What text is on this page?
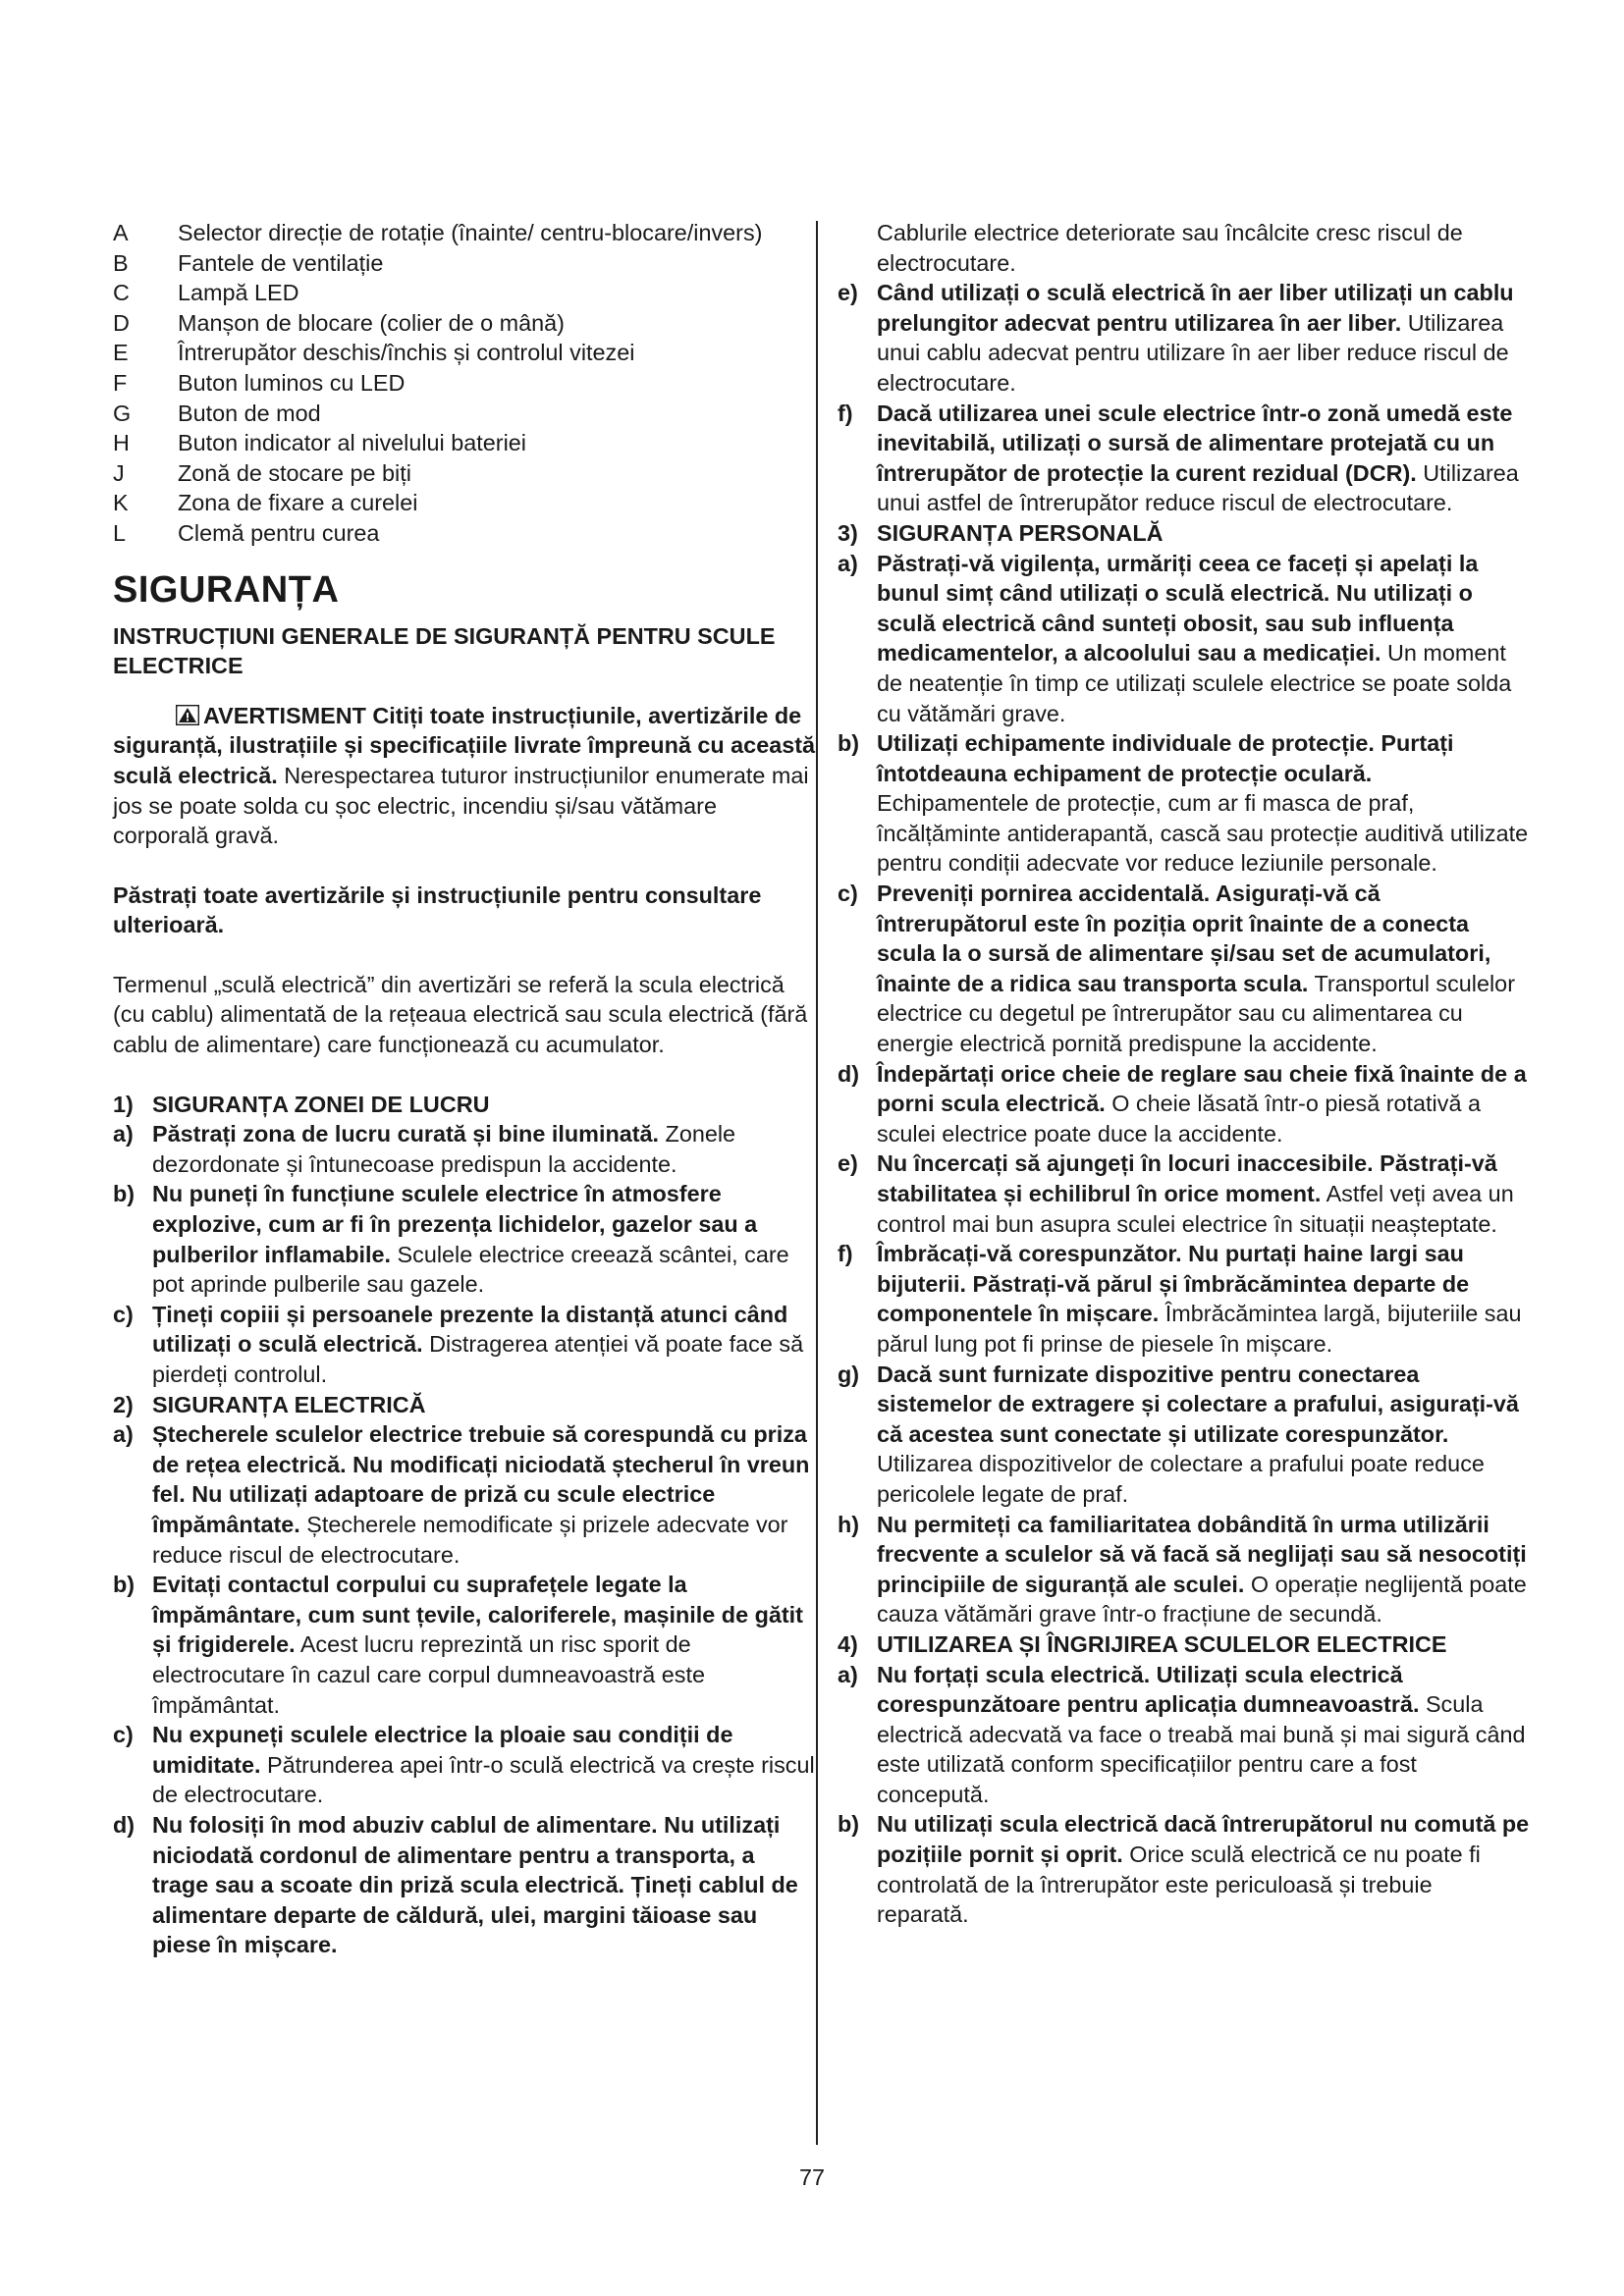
A	Selector direcție de rotație (înainte/ centru-blocare/invers)
B	Fantele de ventilație
C	Lampă LED
D	Manșon de blocare (colier de o mână)
E	Întrerupător deschis/închis și controlul vitezei
F	Buton luminos cu LED
G	Buton de mod
H	Buton indicator al nivelului bateriei
J	Zonă de stocare pe biți
K	Zona de fixare a curelei
L	Clemă pentru curea
SIGURANȚA
INSTRUCȚIUNI GENERALE DE SIGURANȚĂ PENTRU SCULE ELECTRICE
AVERTISMENT Citiți toate instrucțiunile, avertizările de siguranță, ilustrațiile și specificațiile livrate împreună cu această sculă electrică. Nerespectarea tuturor instrucțiunilor enumerate mai jos se poate solda cu șoc electric, incendiu și/sau vătămare corporală gravă.
Păstrați toate avertizările și instrucțiunile pentru consultare ulterioară.
Termenul „sculă electrică” din avertizări se referă la scula electrică (cu cablu) alimentată de la rețeaua electrică sau scula electrică (fără cablu de alimentare) care funcționează cu acumulator.
1) SIGURANȚA ZONEI DE LUCRU
a) Păstrați zona de lucru curată și bine iluminată. Zonele dezordonate și întunecoase predispun la accidente.
b) Nu puneți în funcțiune sculele electrice în atmosfere explozive, cum ar fi în prezența lichidelor, gazelor sau a pulberilor inflamabile. Sculele electrice creează scântei, care pot aprinde pulberile sau gazele.
c) Țineți copiii și persoanele prezente la distanță atunci când utilizați o sculă electrică. Distragerea atenției vă poate face să pierdeți controlul.
2) SIGURANȚA ELECTRICĂ
a) Ștecherele sculelor electrice trebuie să corespundă cu priza de rețea electrică. Nu modificați niciodată ștecherul în vreun fel. Nu utilizați adaptoare de priză cu scule electrice împământate. Ștecherele nemodificate și prizele adecvate vor reduce riscul de electrocutare.
b) Evitați contactul corpului cu suprafețele legate la împământare, cum sunt țevile, caloriferele, mașinile de gătit și frigiderele. Acest lucru reprezintă un risc sporit de electrocutare în cazul care corpul dumneavoastră este împământat.
c) Nu expuneți sculele electrice la ploaie sau condiții de umiditate. Pătrunderea apei într-o sculă electrică va crește riscul de electrocutare.
d) Nu folosiți în mod abuziv cablul de alimentare. Nu utilizați niciodată cordonul de alimentare pentru a transporta, a trage sau a scoate din priză scula electrică. Țineți cablul de alimentare departe de căldură, ulei, margini tăioase sau piese în mișcare.
Cablurile electrice deteriorate sau încâlcite cresc riscul de electrocutare.
e) Când utilizați o sculă electrică în aer liber utilizați un cablu prelungitor adecvat pentru utilizarea în aer liber. Utilizarea unui cablu adecvat pentru utilizare în aer liber reduce riscul de electrocutare.
f)	Dacă utilizarea unei scule electrice într-o zonă umedă este inevitabilă, utilizați o sursă de alimentare protejată cu un întrerupător de protecție la curent rezidual (DCR). Utilizarea unui astfel de întrerupător reduce riscul de electrocutare.
3) SIGURANȚA PERSONALĂ
a) Păstrați-vă vigilența, urmăriți ceea ce faceți și apelați la bunul simț când utilizați o sculă electrică. Nu utilizați o sculă electrică când sunteți obosit, sau sub influența medicamentelor, a alcoolului sau a medicației. Un moment de neatenție în timp ce utilizați sculele electrice se poate solda cu vătămări grave.
b) Utilizați echipamente individuale de protecție. Purtați întotdeauna echipament de protecție oculară. Echipamentele de protecție, cum ar fi masca de praf, încălțăminte antiderapantă, cască sau protecție auditivă utilizate pentru condiții adecvate vor reduce leziunile personale.
c) Preveniți pornirea accidentală. Asigurați-vă că întrerupătorul este în poziția oprit înainte de a conecta scula la o sursă de alimentare și/sau set de acumulatori, înainte de a ridica sau transporta scula. Transportul sculelor electrice cu degetul pe întrerupător sau cu alimentarea cu energie electrică pornită predispune la accidente.
d) Îndepărtați orice cheie de reglare sau cheie fixă înainte de a porni scula electrică. O cheie lăsată într-o piesă rotativă a sculei electrice poate duce la accidente.
e) Nu încercați să ajungeți în locuri inaccesibile. Păstrați-vă stabilitatea și echilibrul în orice moment. Astfel veți avea un control mai bun asupra sculei electrice în situații neașteptate.
f)	Îmbrăcați-vă corespunzător. Nu purtați haine largi sau bijuterii. Păstrați-vă părul și îmbrăcămintea departe de componentele în mișcare. Îmbrăcămintea largă, bijuteriile sau părul lung pot fi prinse de piesele în mișcare.
g) Dacă sunt furnizate dispozitive pentru conectarea sistemelor de extragere și colectare a prafului, asigurați-vă că acestea sunt conectate și utilizate corespunzător. Utilizarea dispozitivelor de colectare a prafului poate reduce pericolele legate de praf.
h) Nu permiteți ca familiaritatea dobândită în urma utilizării frecvente a sculelor să vă facă să neglijați sau să nesocotiți principiile de siguranță ale sculei. O operație neglijentă poate cauza vătămări grave într-o fracțiune de secundă.
4) UTILIZAREA ȘI ÎNGRIJIREA SCULELOR ELECTRICE
a) Nu forțați scula electrică. Utilizați scula electrică corespunzătoare pentru aplicația dumneavoastră. Scula electrică adecvată va face o treabă mai bună și mai sigură când este utilizată conform specificațiilor pentru care a fost concepută.
b) Nu utilizați scula electrică dacă întrerupătorul nu comută pe pozițiile pornit și oprit. Orice sculă electrică ce nu poate fi controlată de la întrerupător este periculoasă și trebuie reparată.
77
